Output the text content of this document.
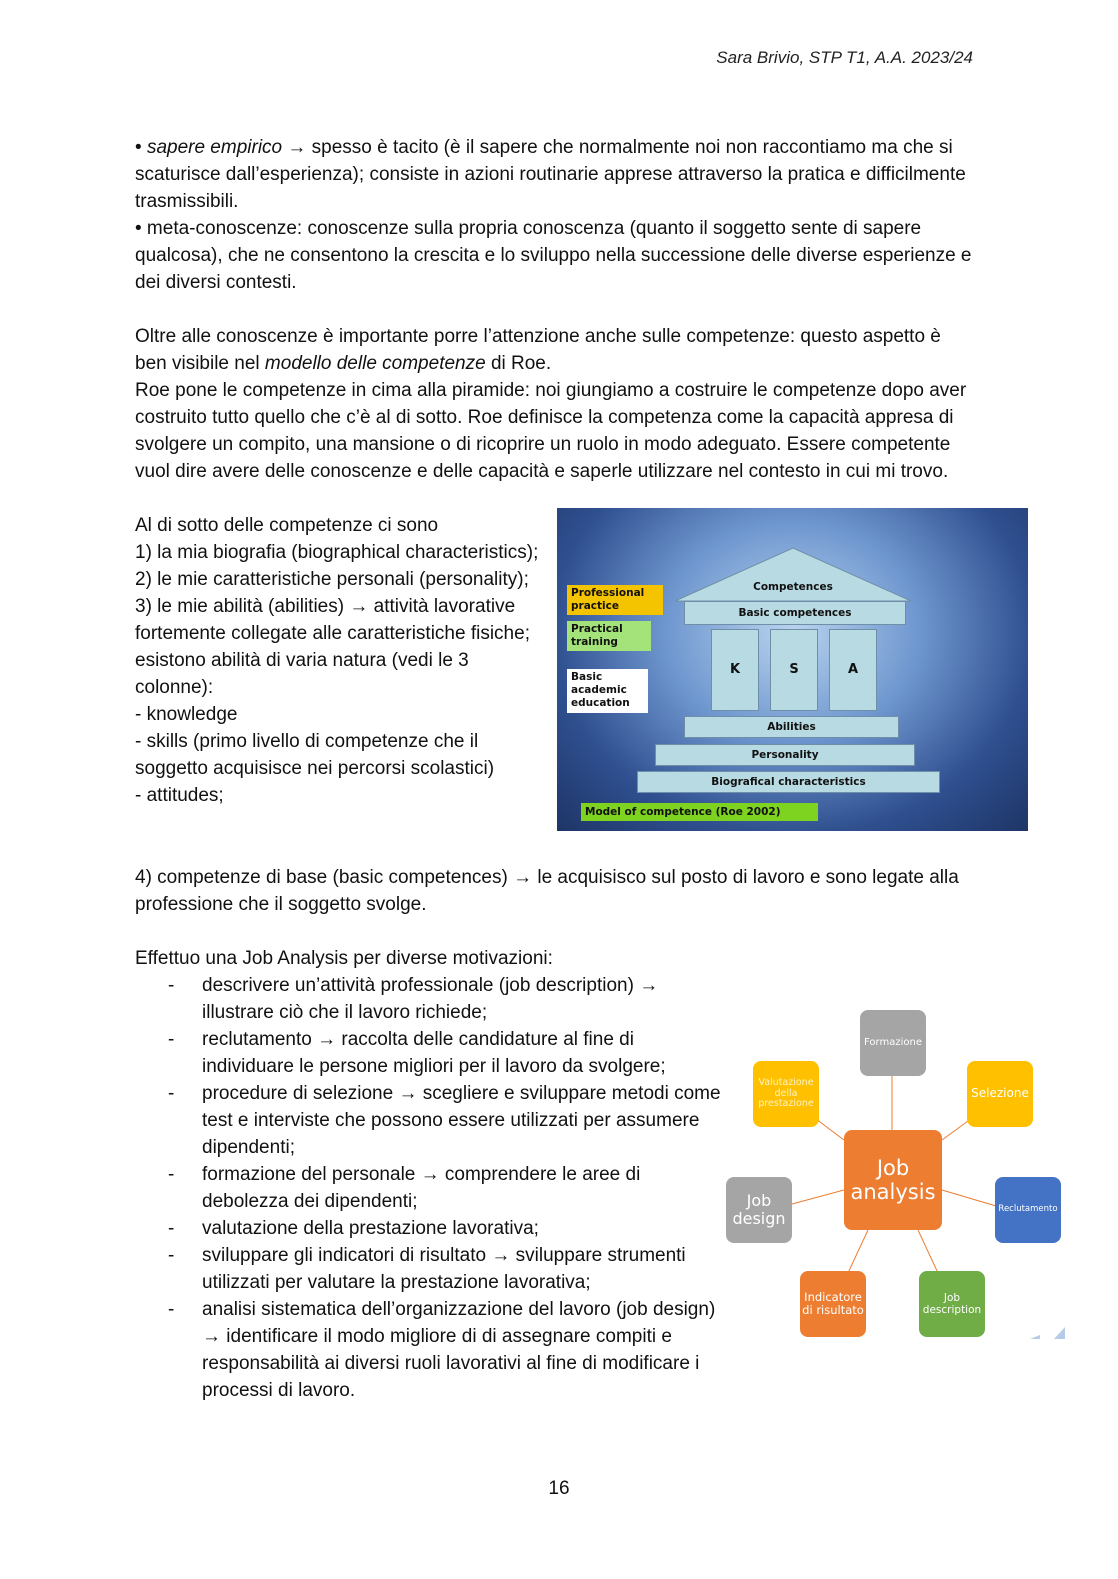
Sara Brivio, STP T1, A.A. 2023/24

• sapere empirico → spesso è tacito (è il sapere che normalmente noi non raccontiamo ma che si scaturisce dall’esperienza); consiste in azioni routinarie apprese attraverso la pratica e difficilmente trasmissibili.

• meta-conoscenze: conoscenze sulla propria conoscenza (quanto il soggetto sente di sapere qualcosa), che ne consentono la crescita e lo sviluppo nella successione delle diverse esperienze e dei diversi contesti.

Oltre alle conoscenze è importante porre l’attenzione anche sulle competenze: questo aspetto è ben visibile nel modello delle competenze di Roe.

Roe pone le competenze in cima alla piramide: noi giungiamo a costruire le competenze dopo aver costruito tutto quello che c’è al di sotto. Roe definisce la competenza come la capacità appresa di svolgere un compito, una mansione o di ricoprire un ruolo in modo adeguato. Essere competente vuol dire avere delle conoscenze e delle capacità e saperle utilizzare nel contesto in cui mi trovo.

Al di sotto delle competenze ci sono

1) la mia biografia (biographical characteristics);

2) le mie caratteristiche personali (personality);

3) le mie abilità (abilities) → attività lavorative fortemente collegate alle caratteristiche fisiche; esistono abilità di varia natura (vedi le 3 colonne):

- knowledge

- skills (primo livello di competenze che il soggetto acquisisce nei percorsi scolastici)

- attitudes;

4) competenze di base (basic competences) → le acquisisco sul posto di lavoro e sono legate alla professione che il soggetto svolge.
Effettuo una Job Analysis per diverse motivazioni:
- descrivere un’attività professionale (job description) → illustrare ciò che il lavoro richiede;
- reclutamento → raccolta delle candidature al fine di individuare le persone migliori per il lavoro da svolgere;
- procedure di selezione → scegliere e sviluppare metodi come test e interviste che possono essere utilizzati per assumere dipendenti;
- formazione del personale → comprendere le aree di debolezza dei dipendenti;
- valutazione della prestazione lavorativa;
- sviluppare gli indicatori di risultato → sviluppare strumenti utilizzati per valutare la prestazione lavorativa;
- analisi sistematica dell’organizzazione del lavoro (job design) → identificare il modo migliore di di assegnare compiti e responsabilità ai diversi ruoli lavorativi al fine di modificare i processi di lavoro.
Competences
Basic competences
K	S	A
Abilities
Personality
Biografical characteristics
Professional practice
Practical training
Basic academic education
Model of competence (Roe 2002)
Job analysis
Formazione
Valutazione della prestazione
Selezione
Reclutamento
Job description
Indicatore di risultato
Job design
16
